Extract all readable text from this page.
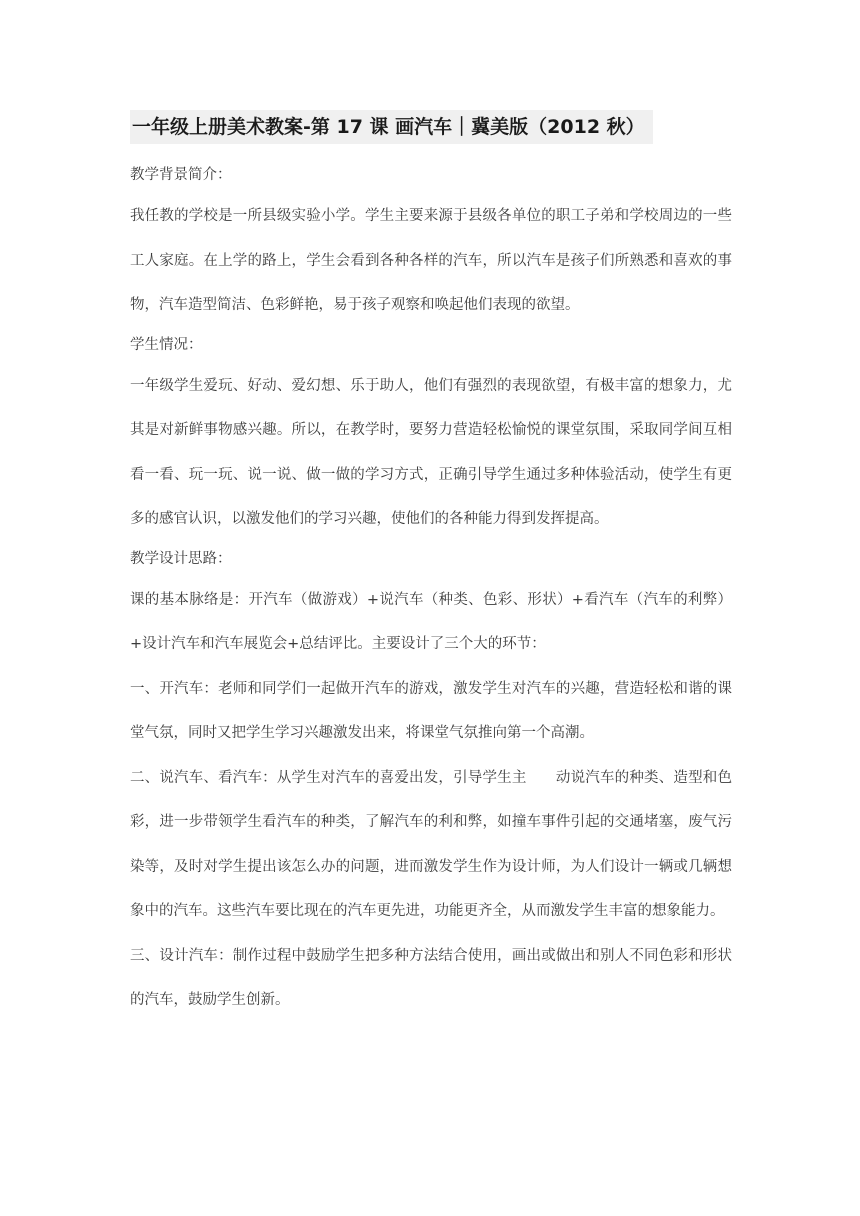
一年级上册美术教案-第 17 课 画汽车｜冀美版（2012 秋）

教学背景简介：

我任教的学校是一所县级实验小学。学生主要来源于县级各单位的职工子弟和学校周边的一些工人家庭。在上学的路上，学生会看到各种各样的汽车，所以汽车是孩子们所熟悉和喜欢的事物，汽车造型简洁、色彩鲜艳，易于孩子观察和唤起他们表现的欲望。

学生情况：

一年级学生爱玩、好动、爱幻想、乐于助人，他们有强烈的表现欲望，有极丰富的想象力，尤其是对新鲜事物感兴趣。所以，在教学时，要努力营造轻松愉悦的课堂氛围，采取同学间互相看一看、玩一玩、说一说、做一做的学习方式，正确引导学生通过多种体验活动，使学生有更多的感官认识，以激发他们的学习兴趣，使他们的各种能力得到发挥提高。

教学设计思路：

课的基本脉络是：开汽车（做游戏）+说汽车（种类、色彩、形状）+看汽车（汽车的利弊）+设计汽车和汽车展览会+总结评比。主要设计了三个大的环节：

一、开汽车：老师和同学们一起做开汽车的游戏，激发学生对汽车的兴趣，营造轻松和谐的课堂气氛，同时又把学生学习兴趣激发出来，将课堂气氛推向第一个高潮。

二、说汽车、看汽车：从学生对汽车的喜爱出发，引导学生主　　动说汽车的种类、造型和色彩，进一步带领学生看汽车的种类，了解汽车的利和弊，如撞车事件引起的交通堵塞，废气污染等，及时对学生提出该怎么办的问题，进而激发学生作为设计师，为人们设计一辆或几辆想象中的汽车。这些汽车要比现在的汽车更先进，功能更齐全，从而激发学生丰富的想象能力。

三、设计汽车：制作过程中鼓励学生把多种方法结合使用，画出或做出和别人不同色彩和形状的汽车，鼓励学生创新。
